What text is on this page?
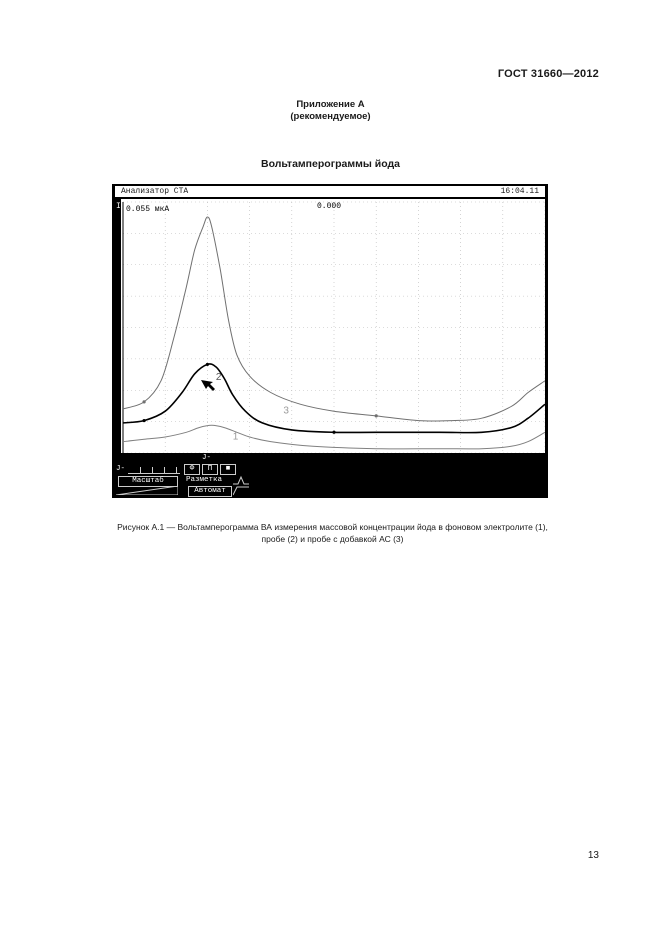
ГОСТ 31660—2012
Приложение А
(рекомендуемое)
Вольтамперограммы йода
Анализатор СТА	16:04.11
I 0.055 мкА	0.000
1
2
3
J-
J-	Ф	П	■
Масштаб	Разметка
Автомат
Рисунок А.1 — Вольтамперограмма ВА измерения массовой концентрации йода в фоновом электролите (1),
пробе (2) и пробе с добавкой АС (3)
13
